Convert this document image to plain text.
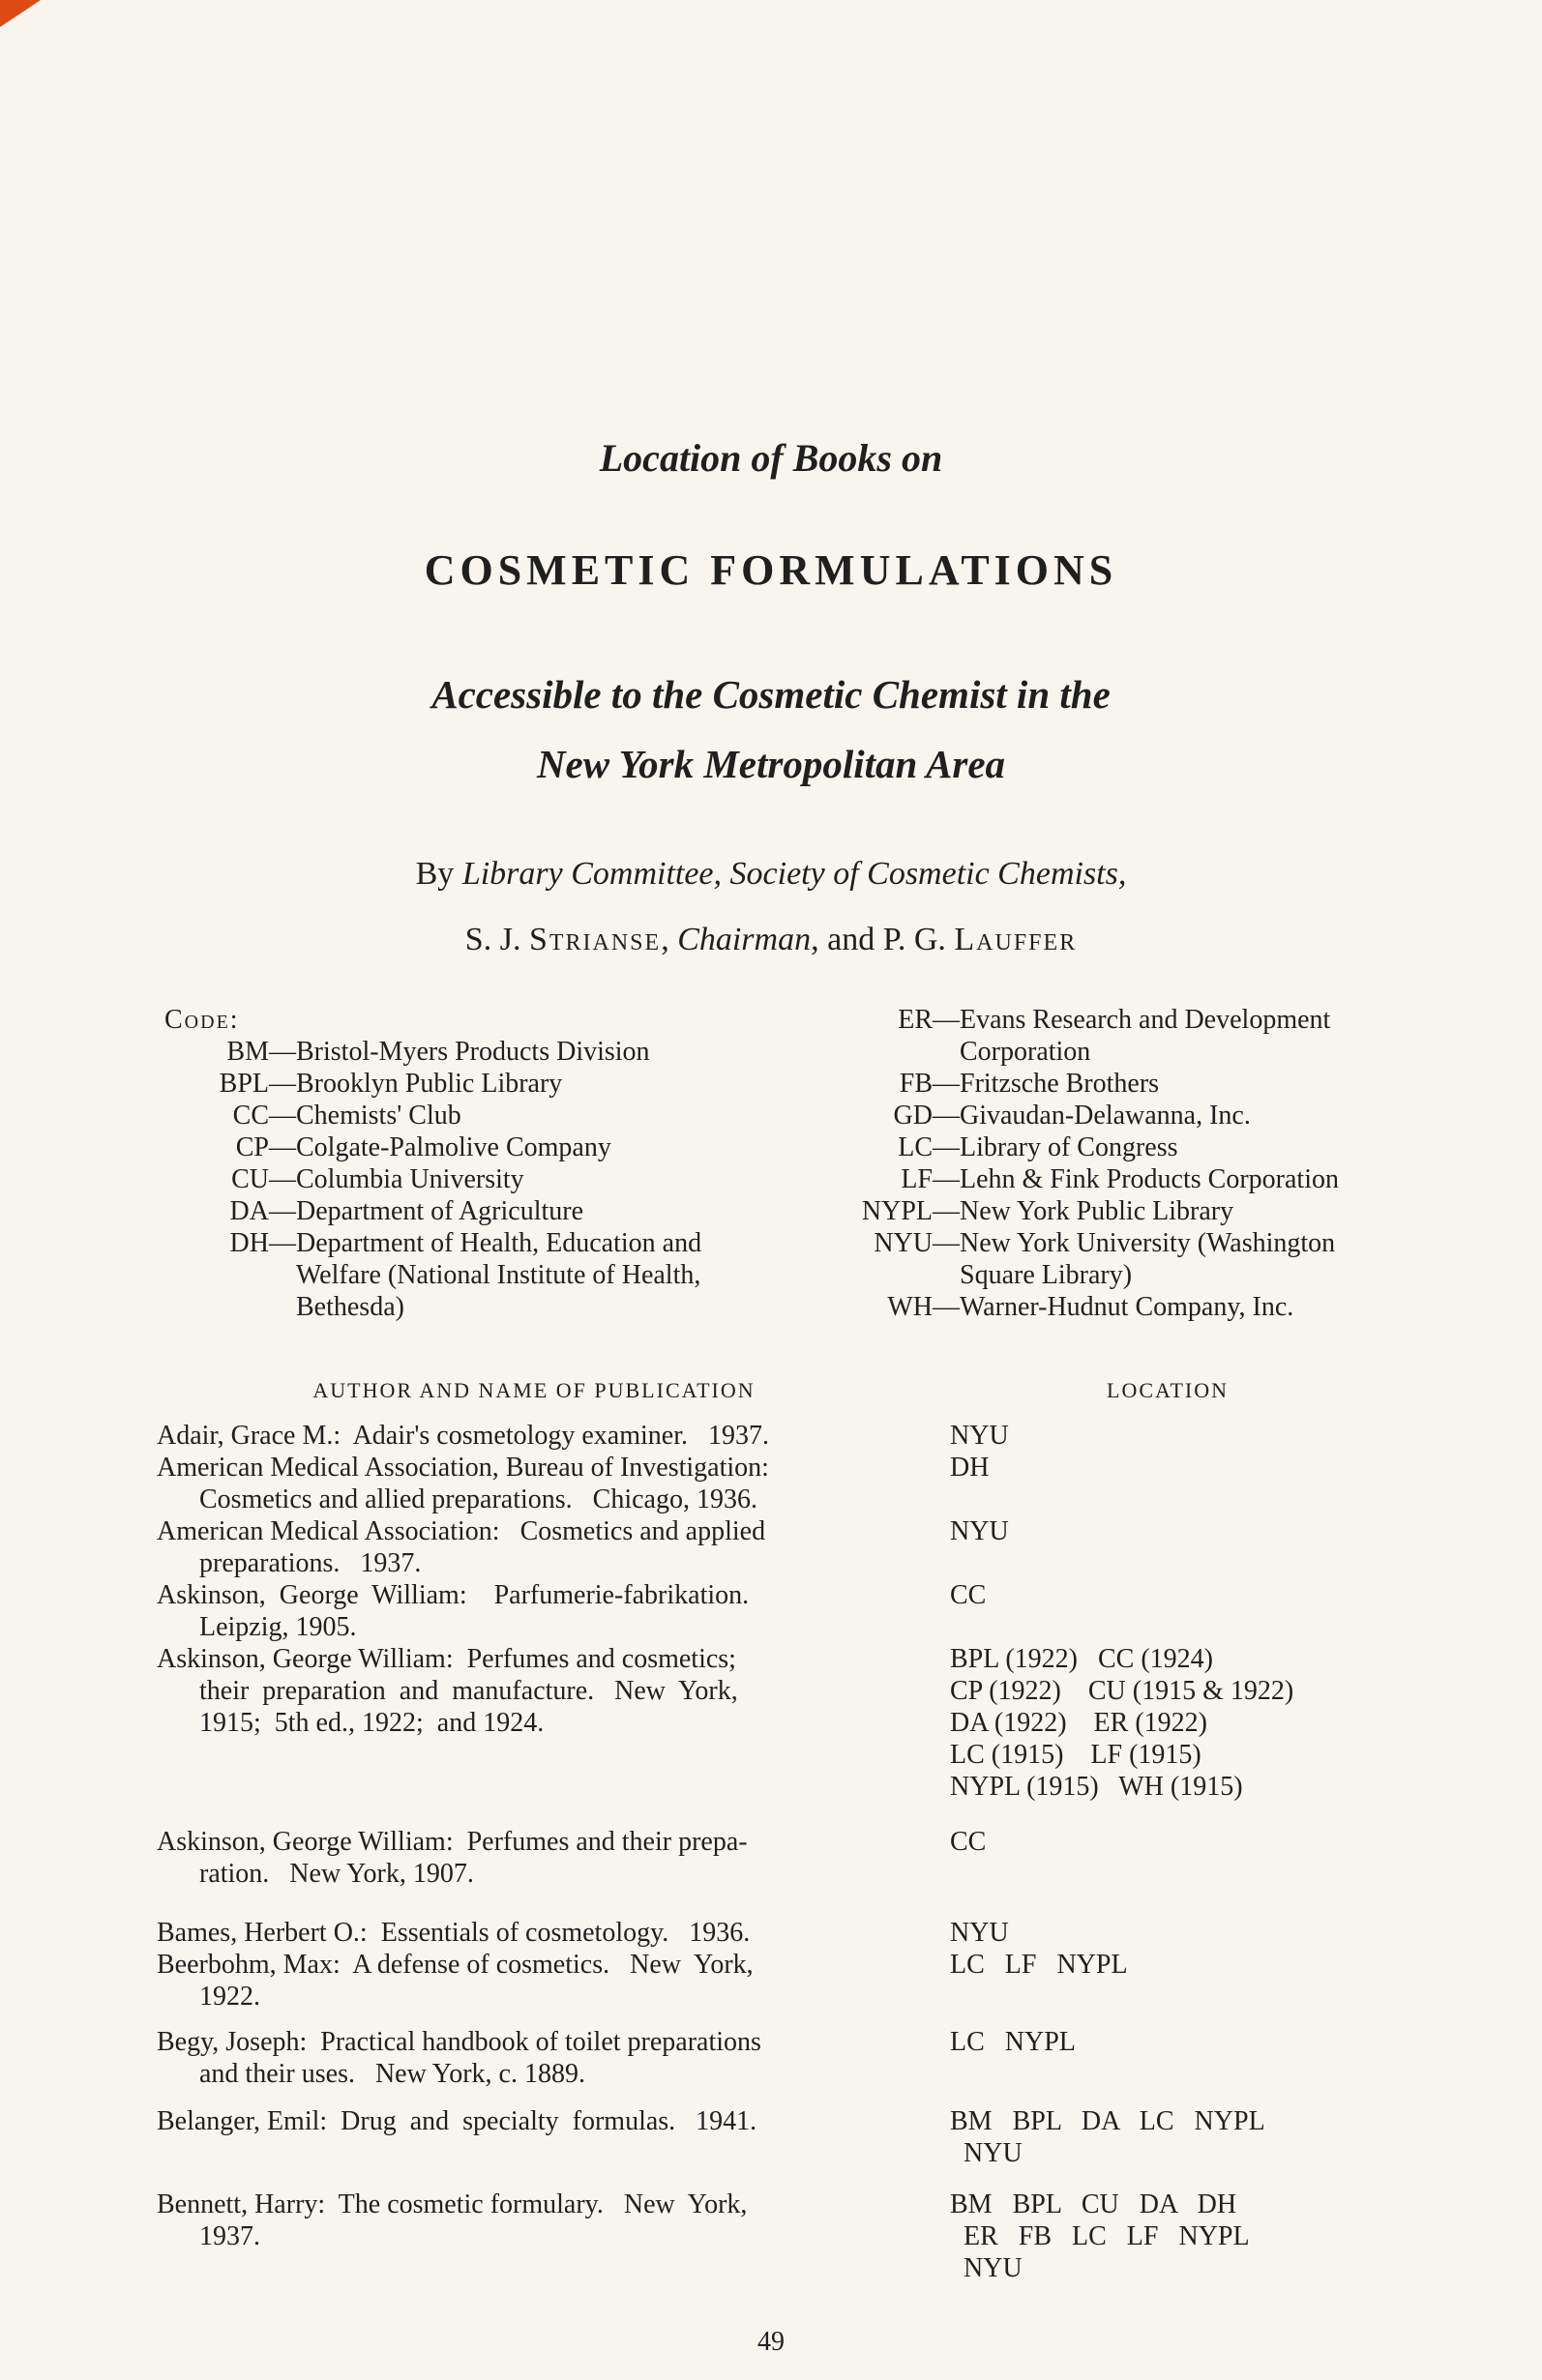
Location of Books on
COSMETIC FORMULATIONS
Accessible to the Cosmetic Chemist in the
New York Metropolitan Area
By Library Committee, Society of Cosmetic Chemists,
S. J. Strianse, Chairman, and P. G. Lauffer
Code:
BM— Bristol-Myers Products Division
BPL— Brooklyn Public Library
CC— Chemists' Club
CP— Colgate-Palmolive Company
CU— Columbia University
DA— Department of Agriculture
DH— Department of Health, Education and Welfare (National Institute of Health, Bethesda)
ER— Evans Research and Development Corporation
FB— Fritzsche Brothers
GD— Givaudan-Delawanna, Inc.
LC— Library of Congress
LF— Lehn & Fink Products Corporation
NYPL— New York Public Library
NYU— New York University (Washington Square Library)
WH— Warner-Hudnut Company, Inc.
AUTHOR AND NAME OF PUBLICATION	LOCATION
Adair, Grace M.:  Adair's cosmetology examiner.   1937.	NYU
American Medical Association, Bureau of Investigation:
Cosmetics and allied preparations.   Chicago, 1936.
DH
American Medical Association:   Cosmetics and applied
preparations.   1937.
NYU
Askinson,  George  William:    Parfumerie-fabrikation.
Leipzig, 1905.
CC
Askinson, George William:  Perfumes and cosmetics;
their  preparation  and  manufacture.   New  York,
1915;  5th ed., 1922;  and 1924.
BPL (1922)   CC (1924)
CP (1922)    CU (1915 & 1922)
DA (1922)    ER (1922)
LC (1915)    LF (1915)
NYPL (1915)   WH (1915)
Askinson, George William:  Perfumes and their prepa-
ration.   New York, 1907.
CC
Bames, Herbert O.:  Essentials of cosmetology.   1936.	NYU
Beerbohm, Max:  A defense of cosmetics.   New  York,
1922.
LC   LF   NYPL
Begy, Joseph:  Practical handbook of toilet preparations
and their uses.   New York, c. 1889.
LC   NYPL
Belanger, Emil:  Drug  and  specialty  formulas.   1941.	BM   BPL   DA   LC   NYPL
NYU
Bennett, Harry:  The cosmetic formulary.   New  York,
1937.
BM   BPL   CU   DA   DH
ER   FB   LC   LF   NYPL
NYU
49
